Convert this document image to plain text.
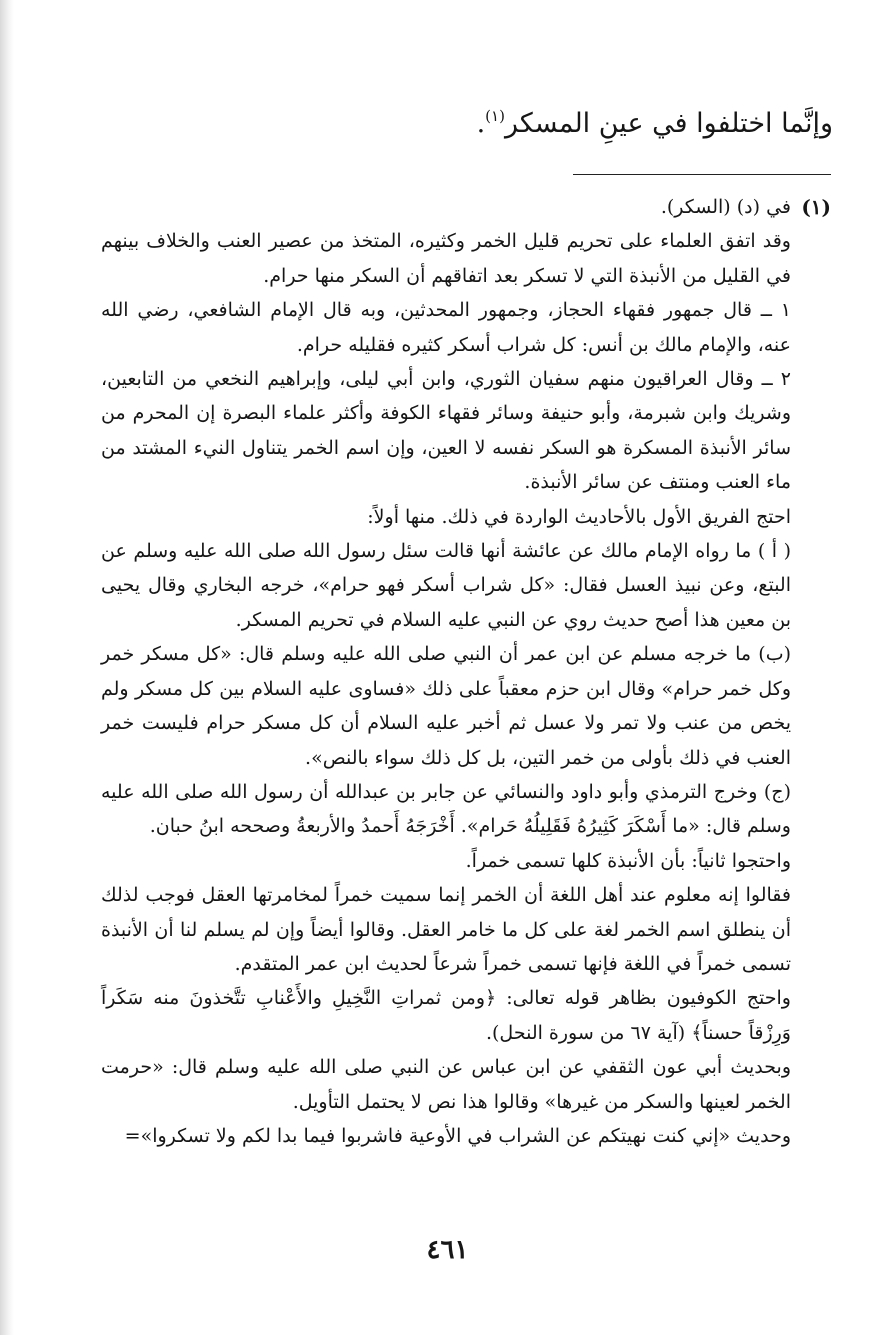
وإنَّما اختلفوا في عينِ المسكر$^{(١)}$.
(١)

في (د) (السكر).

وقد اتفق العلماء على تحريم قليل الخمر وكثيره، المتخذ من عصير العنب والخلاف بينهم في القليل من الأنبذة التي لا تسكر بعد اتفاقهم أن السكر منها حرام.

١ ــ قال جمهور فقهاء الحجاز، وجمهور المحدثين، وبه قال الإمام الشافعي، رضي الله عنه، والإمام مالك بن أنس: كل شراب أسكر كثيره فقليله حرام.

٢ ــ وقال العراقيون منهم سفيان الثوري، وابن أبي ليلى، وإبراهيم النخعي من التابعين، وشريك وابن شبرمة، وأبو حنيفة وسائر فقهاء الكوفة وأكثر علماء البصرة إن المحرم من سائر الأنبذة المسكرة هو السكر نفسه لا العين، وإن اسم الخمر يتناول النيء المشتد من ماء العنب ومنتف عن سائر الأنبذة.

احتج الفريق الأول بالأحاديث الواردة في ذلك. منها أولاً:

( أ ) ما رواه الإمام مالك عن عائشة أنها قالت سئل رسول الله صلى الله عليه وسلم عن البتع، وعن نبيذ العسل فقال: «كل شراب أسكر فهو حرام»، خرجه البخاري وقال يحيى بن معين هذا أصح حديث روي عن النبي عليه السلام في تحريم المسكر.

(ب) ما خرجه مسلم عن ابن عمر أن النبي صلى الله عليه وسلم قال: «كل مسكر خمر وكل خمر حرام» وقال ابن حزم معقباً على ذلك «فساوى عليه السلام بين كل مسكر ولم يخص من عنب ولا تمر ولا عسل ثم أخبر عليه السلام أن كل مسكر حرام فليست خمر العنب في ذلك بأولى من خمر التين، بل كل ذلك سواء بالنص».

(ج) وخرج الترمذي وأبو داود والنسائي عن جابر بن عبدالله أن رسول الله صلى الله عليه وسلم قال: «ما أَسْكَرَ كَثِيرُهُ فَقَلِيلُهُ حَرام». أَخْرَجَهُ أَحمدُ والأربعةُ وصححه ابنُ حبان.

واحتجوا ثانياً: بأن الأنبذة كلها تسمى خمراً.

فقالوا إنه معلوم عند أهل اللغة أن الخمر إنما سميت خمراً لمخامرتها العقل فوجب لذلك أن ينطلق اسم الخمر لغة على كل ما خامر العقل. وقالوا أيضاً وإن لم يسلم لنا أن الأنبذة تسمى خمراً في اللغة فإنها تسمى خمراً شرعاً لحديث ابن عمر المتقدم.

واحتج الكوفيون بظاهر قوله تعالى: ﴿ومن ثمراتِ النَّخِيلِ والأَعْنابِ تتَّخذونَ منه سَكَراً وَرِزْقاً حسناً﴾ (آية ٦٧ من سورة النحل).

وبحديث أبي عون الثقفي عن ابن عباس عن النبي صلى الله عليه وسلم قال: «حرمت الخمر لعينها والسكر من غيرها» وقالوا هذا نص لا يحتمل التأويل.

وحديث «إني كنت نهيتكم عن الشراب في الأوعية فاشربوا فيما بدا لكم ولا تسكروا»=

٤٦١
